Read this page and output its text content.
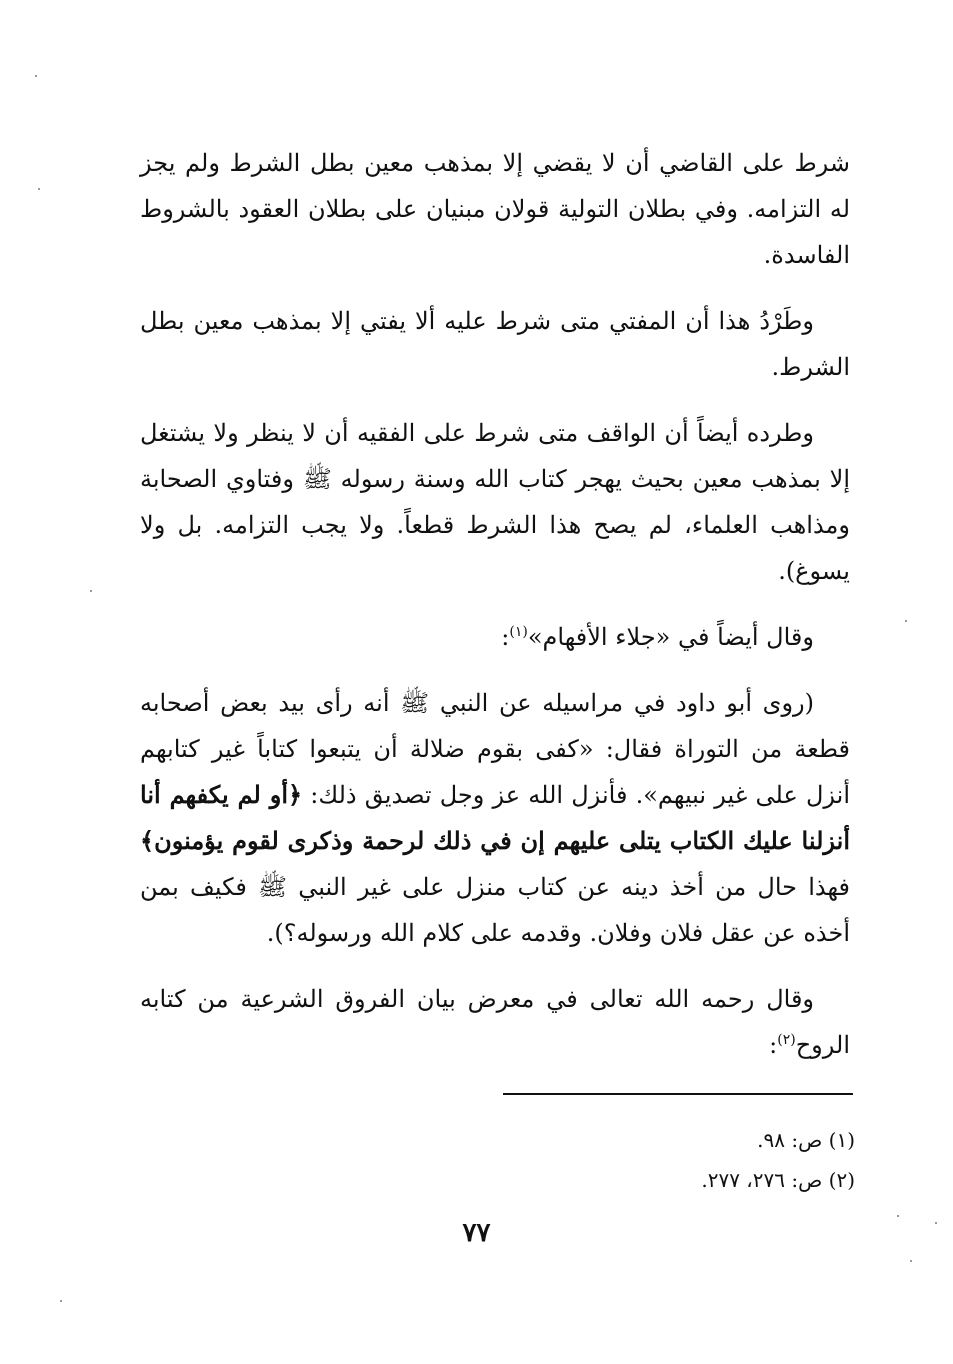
شرط على القاضي أن لا يقضي إلا بمذهب معين بطل الشرط ولم يجز له التزامه. وفي بطلان التولية قولان مبنيان على بطلان العقود بالشروط الفاسدة.

وطَرْدُ هذا أن المفتي متى شرط عليه ألا يفتي إلا بمذهب معين بطل الشرط.

وطرده أيضاً أن الواقف متى شرط على الفقيه أن لا ينظر ولا يشتغل إلا بمذهب معين بحيث يهجر كتاب الله وسنة رسوله ﷺ وفتاوي الصحابة ومذاهب العلماء، لم يصح هذا الشرط قطعاً. ولا يجب التزامه. بل ولا يسوغ).

وقال أيضاً في «جلاء الأفهام»$^{(١)}$:

(روى أبو داود في مراسيله عن النبي ﷺ أنه رأى بيد بعض أصحابه قطعة من التوراة فقال: «كفى بقوم ضلالة أن يتبعوا كتاباً غير كتابهم أنزل على غير نبيهم». فأنزل الله عز وجل تصديق ذلك: ﴿أو لم يكفهم أنا أنزلنا عليك الكتاب يتلى عليهم إن في ذلك لرحمة وذكرى لقوم يؤمنون﴾ فهذا حال من أخذ دينه عن كتاب منزل على غير النبي ﷺ فكيف بمن أخذه عن عقل فلان وفلان. وقدمه على كلام الله ورسوله؟).

وقال رحمه الله تعالى في معرض بيان الفروق الشرعية من كتابه الروح$^{(٢)}$:

(١) ص: ٩٨.
(٢) ص: ٢٧٦، ٢٧٧.
٧٧
